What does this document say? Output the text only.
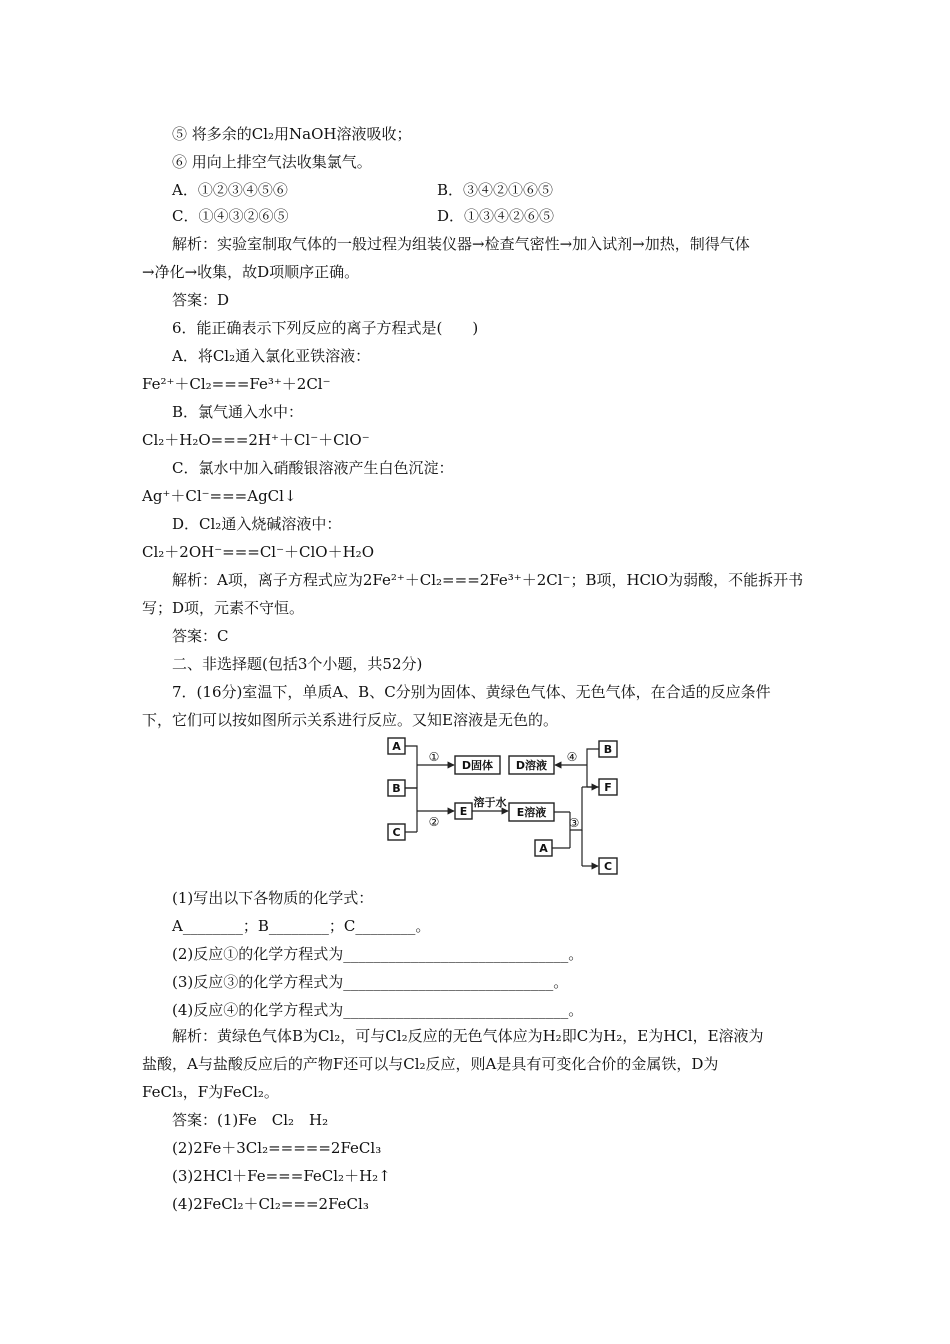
⑤ 将多余的Cl₂用NaOH溶液吸收；
⑥ 用向上排空气法收集氯气。
A．①②③④⑤⑥	B．③④②①⑥⑤
C．①④③②⑥⑤	D．①③④②⑥⑤
解析：实验室制取气体的一般过程为组装仪器→检查气密性→加入试剂→加热，制得气体
→净化→收集，故D项顺序正确。
答案：D
6．能正确表示下列反应的离子方程式是(　　)
A．将Cl₂通入氯化亚铁溶液：
Fe²⁺＋Cl₂===Fe³⁺＋2Cl⁻
B．氯气通入水中：
Cl₂＋H₂O===2H⁺＋Cl⁻＋ClO⁻
C．氯水中加入硝酸银溶液产生白色沉淀：
Ag⁺＋Cl⁻===AgCl↓
D．Cl₂通入烧碱溶液中：
Cl₂＋2OH⁻===Cl⁻＋ClO＋H₂O
解析：A项，离子方程式应为2Fe²⁺＋Cl₂===2Fe³⁺＋2Cl⁻；B项，HClO为弱酸，不能拆开书
写；D项，元素不守恒。
答案：C
二、非选择题(包括3个小题，共52分)
7．(16分)室温下，单质A、B、C分别为固体、黄绿色气体、无色气体，在合适的反应条件
下，它们可以按如图所示关系进行反应。又知E溶液是无色的。
A
B
C
D固体 D溶液
B
F
E	E溶液
A
C
溶于水
①	④
②	③
(1)写出以下各物质的化学式：
A________；B________；C________。
(2)反应①的化学方程式为______________________________。
(3)反应③的化学方程式为____________________________。
(4)反应④的化学方程式为______________________________。
解析：黄绿色气体B为Cl₂，可与Cl₂反应的无色气体应为H₂即C为H₂，E为HCl，E溶液为
盐酸，A与盐酸反应后的产物F还可以与Cl₂反应，则A是具有可变化合价的金属铁，D为
FeCl₃，F为FeCl₂。
答案：(1)Fe　Cl₂　H₂
(2)2Fe＋3Cl₂=====2FeCl₃
(3)2HCl＋Fe===FeCl₂＋H₂↑
(4)2FeCl₂＋Cl₂===2FeCl₃
